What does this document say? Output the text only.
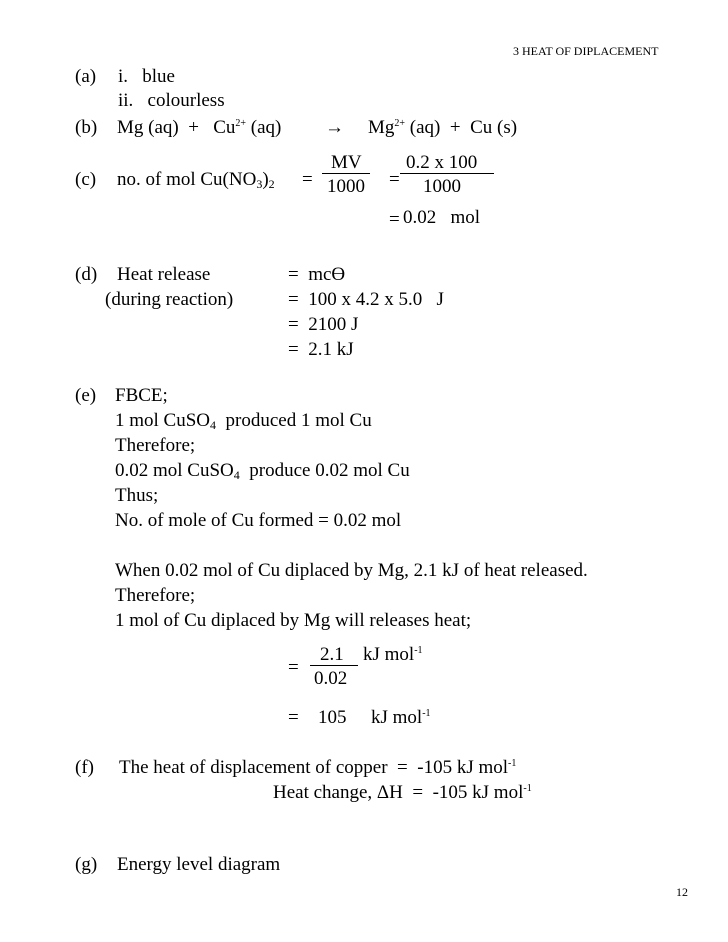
3 HEAT OF DIPLACEMENT
(a) i.   blue
ii.   colourless
(b) Mg $(aq) + Cu^{2+}$ $(aq) \to Mg^{2+}$ (aq)  +  Cu (s)
(c) no. of mol $Cu(NO_3)_2$ =
MV
1000 =
0.2 x 100
1000
= 0.02   mol
(d) Heat release
(during reaction)
=  mcϴ
=  100 x 4.2 x 5.0   J
=  2100 J
=  2.1 kJ
(e) FBCE;
1 mol CuSO$_4$  produced 1 mol Cu
Therefore;
0.02 mol CuSO$_4$  produce 0.02 mol Cu
Thus;
No. of mole of Cu formed = 0.02 mol
When 0.02 mol of Cu diplaced by Mg, 2.1 kJ of heat released.
Therefore;
1 mol of Cu diplaced by Mg will releases heat;
=
2.1 kJ mol$^{-1}$
0.02
= 105 kJ mol$^{-1}$
(f) The heat of displacement of copper  =  -105 kJ mol$^{-1}$
Heat change, ΔH  =  -105 kJ mol$^{-1}$
(g) Energy level diagram
12
